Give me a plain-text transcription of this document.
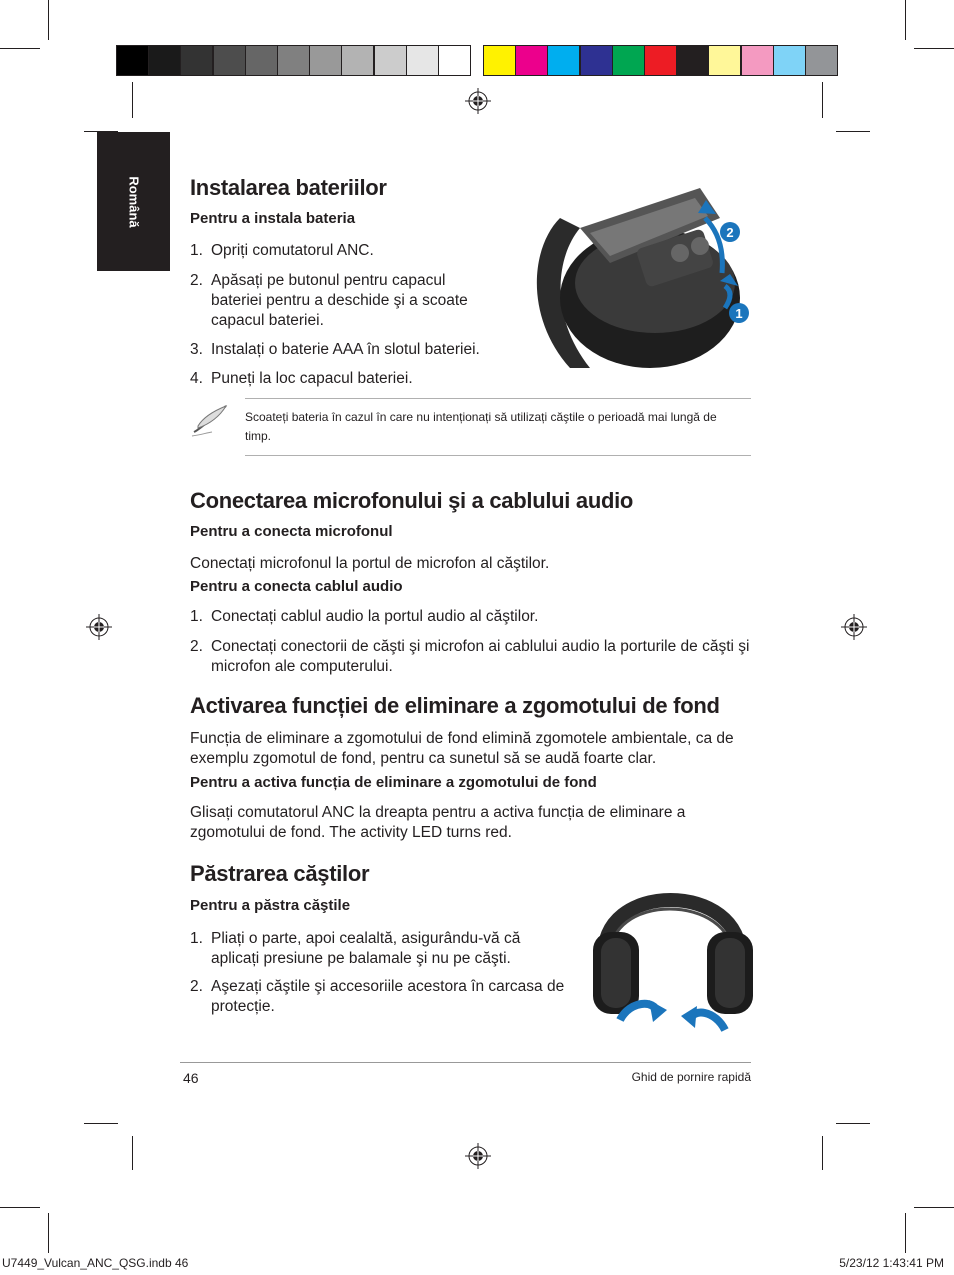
Română Instalarea bateriilor

Pentru a instala bateria

1. Opriți comutatorul ANC.
2. Apăsați pe butonul pentru capacul bateriei pentru a deschide şi a scoate capacul bateriei.
3. Instalați o baterie AAA în slotul bateriei.
4. Puneți la loc capacul bateriei.
2
1
Scoateți bateria în cazul în care nu intenționați să utilizați căştile o perioadă mai lungă de timp.
Conectarea microfonului şi a cablului audio

Pentru a conecta microfonul

Conectați microfonul la portul de microfon al căştilor.

Pentru a conecta cablul audio

1. Conectați cablul audio la portul audio al căştilor.
2. Conectați conectorii de căşti şi microfon ai cablului audio la porturile de căşti şi microfon ale computerului.
Activarea funcției de eliminare a zgomotului de fond

Funcția de eliminare a zgomotului de fond elimină zgomotele ambientale, ca de exemplu zgomotul de fond, pentru ca sunetul să se audă foarte clar.

Pentru a activa funcția de eliminare a zgomotului de fond

Glisați comutatorul ANC la dreapta pentru a activa funcția de eliminare a zgomotului de fond. The activity LED turns red.

Păstrarea căştilor

Pentru a păstra căştile

1. Pliați o parte, apoi cealaltă, asigurându-vă că aplicați presiune pe balamale şi nu pe căşti.
2. Aşezați căştile şi accesoriile acestora în carcasa de protecție.
46	Ghid de pornire rapidă
U7449_Vulcan_ANC_QSG.indb 46	5/23/12 1:43:41 PM
